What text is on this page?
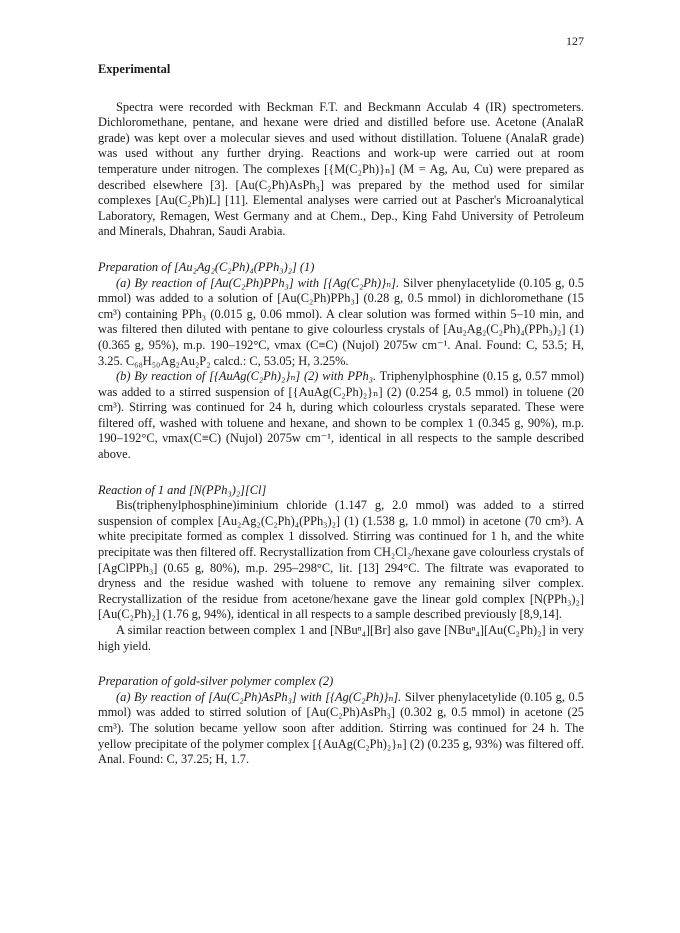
127

Experimental

Spectra were recorded with Beckman F.T. and Beckmann Acculab 4 (IR) spectrometers. Dichloromethane, pentane, and hexane were dried and distilled before use. Acetone (AnalaR grade) was kept over a molecular sieves and used without distillation. Toluene (AnalaR grade) was used without any further drying. Reactions and work-up were carried out at room temperature under nitrogen. The complexes [{M(C₂Ph)}ₙ] (M = Ag, Au, Cu) were prepared as described elsewhere [3]. [Au(C₂Ph)AsPh₃] was prepared by the method used for similar complexes [Au(C₂Ph)L] [11]. Elemental analyses were carried out at Pascher's Microanalytical Laboratory, Remagen, West Germany and at Chem., Dep., King Fahd University of Petroleum and Minerals, Dhahran, Saudi Arabia.

Preparation of [Au₂Ag₂(C₂Ph)₄(PPh₃)₂] (1)

(a) By reaction of [Au(C₂Ph)PPh₃] with [{Ag(C₂Ph)}ₙ]. Silver phenylacetylide (0.105 g, 0.5 mmol) was added to a solution of [Au(C₂Ph)PPh₃] (0.28 g, 0.5 mmol) in dichloromethane (15 cm³) containing PPh₃ (0.015 g, 0.06 mmol). A clear solution was formed within 5–10 min, and was filtered then diluted with pentane to give colourless crystals of [Au₂Ag₂(C₂Ph)₄(PPh₃)₂] (1) (0.365 g, 95%), m.p. 190–192°C, νmax (C≡C) (Nujol) 2075w cm⁻¹. Anal. Found: C, 53.5; H, 3.25. C₆₈H₅₀Ag₂Au₂P₂ calcd.: C, 53.05; H, 3.25%.

(b) By reaction of [{AuAg(C₂Ph)₂}ₙ] (2) with PPh₃. Triphenylphosphine (0.15 g, 0.57 mmol) was added to a stirred suspension of [{AuAg(C₂Ph)₂}ₙ] (2) (0.254 g, 0.5 mmol) in toluene (20 cm³). Stirring was continued for 24 h, during which colourless crystals separated. These were filtered off, washed with toluene and hexane, and shown to be complex 1 (0.345 g, 90%), m.p. 190–192°C, νmax(C≡C) (Nujol) 2075w cm⁻¹, identical in all respects to the sample described above.

Reaction of 1 and [N(PPh₃)₂][Cl]

Bis(triphenylphosphine)iminium chloride (1.147 g, 2.0 mmol) was added to a stirred suspension of complex [Au₂Ag₂(C₂Ph)₄(PPh₃)₂] (1) (1.538 g, 1.0 mmol) in acetone (70 cm³). A white precipitate formed as complex 1 dissolved. Stirring was continued for 1 h, and the white precipitate was then filtered off. Recrystallization from CH₂Cl₂/hexane gave colourless crystals of [AgClPPh₃] (0.65 g, 80%), m.p. 295–298°C, lit. [13] 294°C. The filtrate was evaporated to dryness and the residue washed with toluene to remove any remaining silver complex. Recrystallization of the residue from acetone/hexane gave the linear gold complex [N(PPh₃)₂][Au(C₂Ph)₂] (1.76 g, 94%), identical in all respects to a sample described previously [8,9,14].

A similar reaction between complex 1 and [NBuⁿ₄][Br] also gave [NBuⁿ₄][Au(C₂Ph)₂] in very high yield.

Preparation of gold-silver polymer complex (2)

(a) By reaction of [Au(C₂Ph)AsPh₃] with [{Ag(C₂Ph)}ₙ]. Silver phenylacetylide (0.105 g, 0.5 mmol) was added to stirred solution of [Au(C₂Ph)AsPh₃] (0.302 g, 0.5 mmol) in acetone (25 cm³). The solution became yellow soon after addition. Stirring was continued for 24 h. The yellow precipitate of the polymer complex [{AuAg(C₂Ph)₂}ₙ] (2) (0.235 g, 93%) was filtered off. Anal. Found: C, 37.25; H, 1.7.
